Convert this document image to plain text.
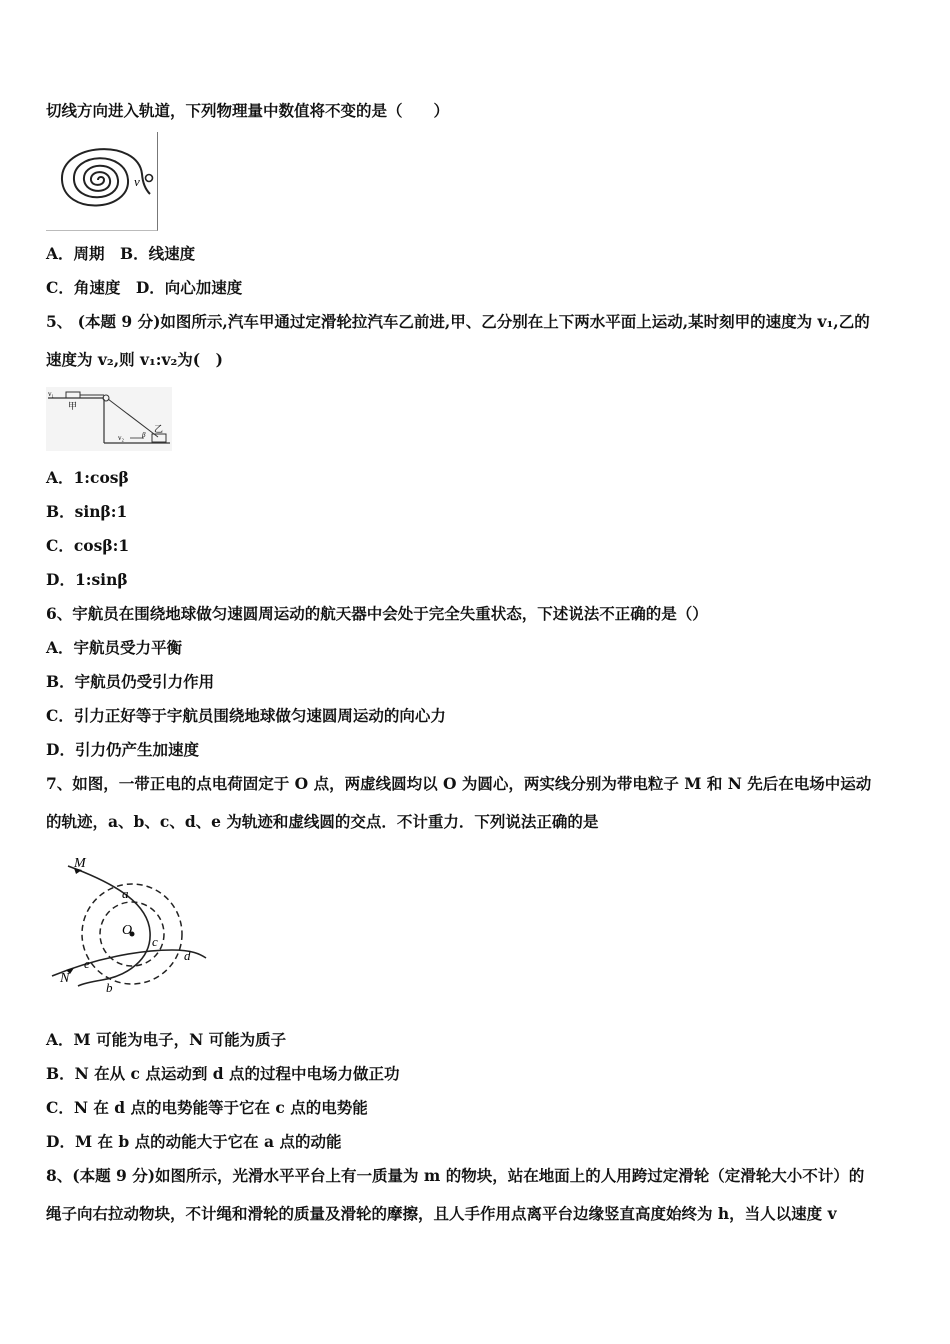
切线方向进入轨道，下列物理量中数值将不变的是（　　）
v
A．周期　B．线速度
C．角速度　D．向心加速度
5、 (本题 9 分)如图所示,汽车甲通过定滑轮拉汽车乙前进,甲、乙分别在上下两水平面上运动,某时刻甲的速度为 v₁,乙的
速度为 v₂,则 v₁:v₂为(　)
v₁
甲
乙
v₂	β
A．1:cosβ
B．sinβ:1
C．cosβ:1
D．1:sinβ
6、宇航员在围绕地球做匀速圆周运动的航天器中会处于完全失重状态，下述说法不正确的是（）
A．宇航员受力平衡
B．宇航员仍受引力作用
C．引力正好等于宇航员围绕地球做匀速圆周运动的向心力
D．引力仍产生加速度
7、如图，一带正电的点电荷固定于 O 点，两虚线圆均以 O 为圆心，两实线分别为带电粒子 M 和 N 先后在电场中运动
的轨迹，a、b、c、d、e 为轨迹和虚线圆的交点．不计重力．下列说法正确的是
M
N
O
a
b
c
d
e
A．M 可能为电子，N 可能为质子
B．N 在从 c 点运动到 d 点的过程中电场力做正功
C．N 在 d 点的电势能等于它在 c 点的电势能
D．M 在 b 点的动能大于它在 a 点的动能
8、(本题 9 分)如图所示，光滑水平平台上有一质量为 m 的物块，站在地面上的人用跨过定滑轮（定滑轮大小不计）的
绳子向右拉动物块，不计绳和滑轮的质量及滑轮的摩擦，且人手作用点离平台边缘竖直高度始终为 h，当人以速度 v
